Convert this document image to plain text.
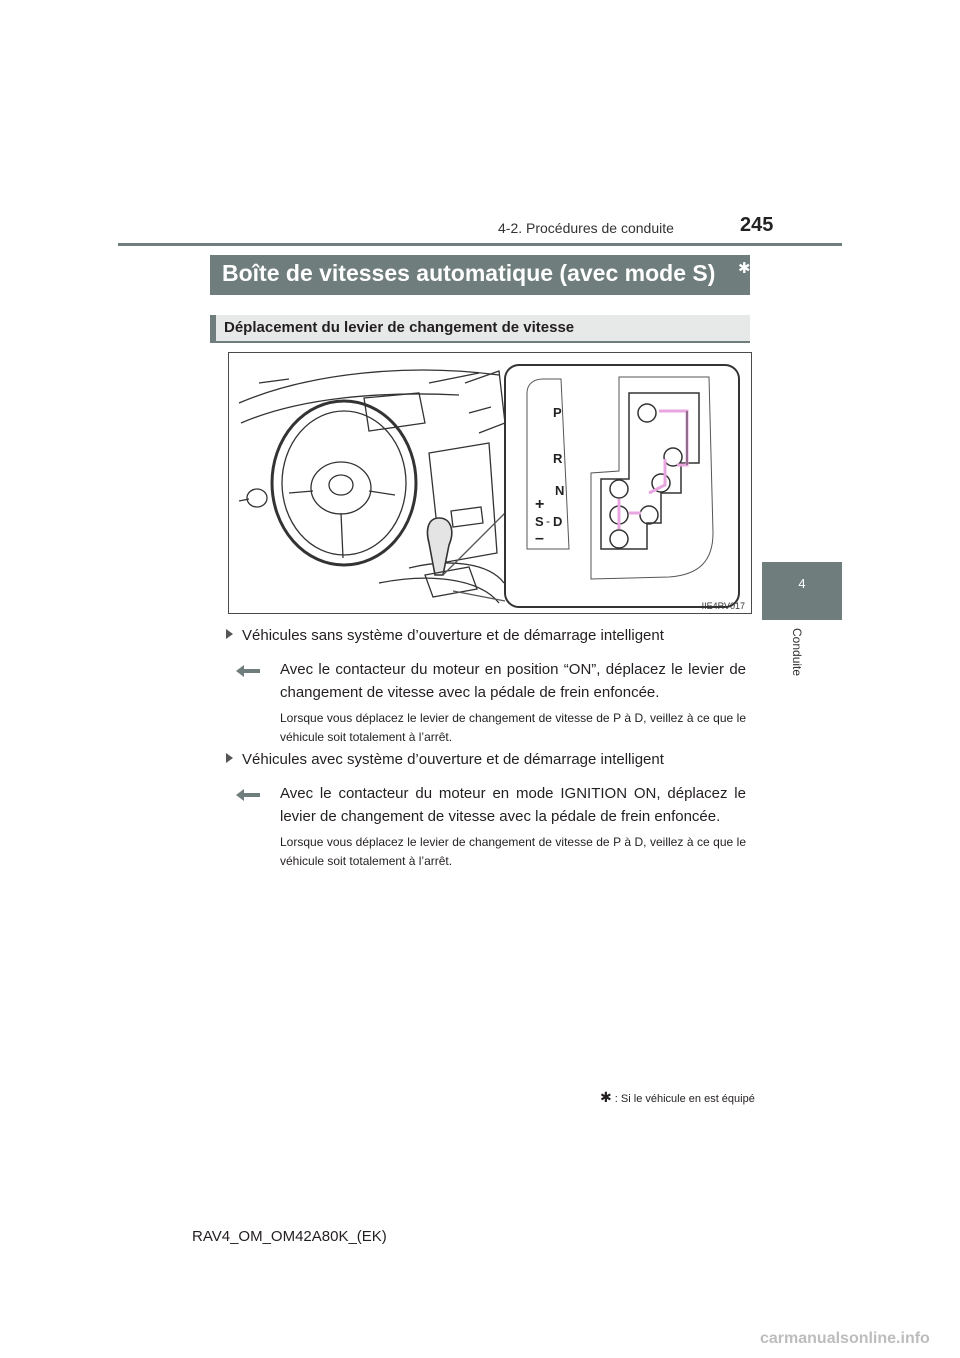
4-2. Procédures de conduite	245
4
Conduite
Boîte de vitesses automatique (avec mode S) ✱
Déplacement du levier de changement de vitesse
P
R
N
D
S
+
–
-
IIE4RV017
Véhicules sans système d’ouverture et de démarrage intelligent
Avec le contacteur du moteur en position “ON”, déplacez le levier de changement de vitesse avec la pédale de frein enfoncée.
Lorsque vous déplacez le levier de changement de vitesse de P à D, veillez à ce que le véhicule soit totalement à l’arrêt.
Véhicules avec système d’ouverture et de démarrage intelligent
Avec le contacteur du moteur en mode IGNITION ON, déplacez le levier de changement de vitesse avec la pédale de frein enfoncée.
Lorsque vous déplacez le levier de changement de vitesse de P à D, veillez à ce que le véhicule soit totalement à l’arrêt.
✱ : Si le véhicule en est équipé
RAV4_OM_OM42A80K_(EK)
carmanualsonline.info
